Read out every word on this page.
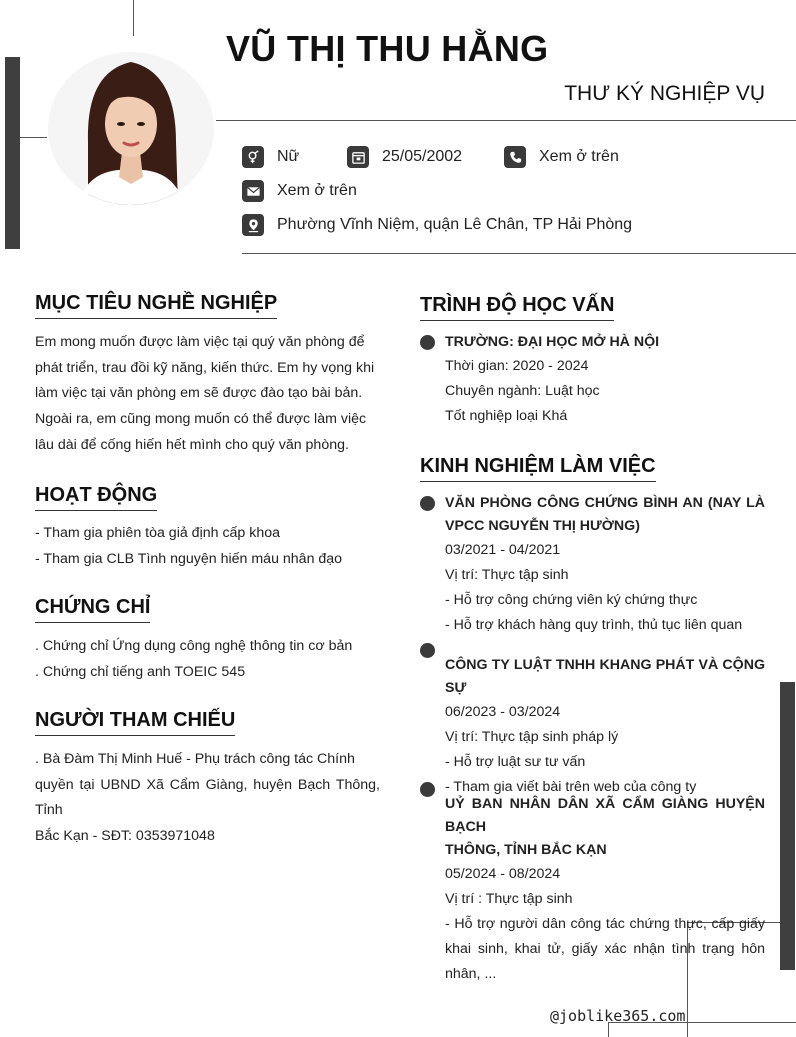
VŨ THỊ THU HẰNG
THƯ KÝ NGHIỆP VỤ
Nữ	25/05/2002	Xem ở trên
Xem ở trên
Phường Vĩnh Niệm, quận Lê Chân, TP Hải Phòng
MỤC TIÊU NGHỀ NGHIỆP
Em mong muốn được làm việc tại quý văn phòng để
phát triển, trau đồi kỹ năng, kiến thức. Em hy vọng khi
làm việc tại văn phòng em sẽ được đào tạo bài bản.
Ngoài ra, em cũng mong muốn có thể được làm việc
lâu dài để cống hiến hết mình cho quý văn phòng.
HOẠT ĐỘNG
- Tham gia phiên tòa giả định cấp khoa
- Tham gia CLB Tình nguyện hiến máu nhân đạo
CHỨNG CHỈ
. Chứng chỉ Ứng dụng công nghệ thông tin cơ bản
. Chứng chỉ tiếng anh TOEIC 545
NGƯỜI THAM CHIẾU
. Bà Đàm Thị Minh Huế - Phụ trách công tác Chính
quyền tại UBND Xã Cẩm Giàng, huyện Bạch Thông, Tỉnh
Bắc Kạn - SĐT: 0353971048
TRÌNH ĐỘ HỌC VẤN
TRƯỜNG: ĐẠI HỌC MỞ HÀ NỘI
Thời gian: 2020 - 2024
Chuyên ngành: Luật học
Tốt nghiệp loại Khá
KINH NGHIỆM LÀM VIỆC
VĂN PHÒNG CÔNG CHỨNG BÌNH AN (NAY LÀ
VPCC NGUYỄN THỊ HƯỜNG)
03/2021 - 04/2021
Vị trí: Thực tập sinh
- Hỗ trợ công chứng viên ký chứng thực
- Hỗ trợ khách hàng quy trình, thủ tục liên quan
CÔNG TY LUẬT TNHH KHANG PHÁT VÀ CỘNG SỰ
06/2023 - 03/2024
Vị trí: Thực tập sinh pháp lý
- Hỗ trợ luật sư tư vấn
- Tham gia viết bài trên web của công ty
UỶ BAN NHÂN DÂN XÃ CẨM GIÀNG HUYỆN BẠCH
THÔNG, TỈNH BẮC KẠN
05/2024 - 08/2024
Vị trí : Thực tập sinh
- Hỗ trợ người dân công tác chứng thực, cấp giấy
khai sinh, khai tử, giấy xác nhận tình trạng hôn
nhân, ...
@joblike365.com
